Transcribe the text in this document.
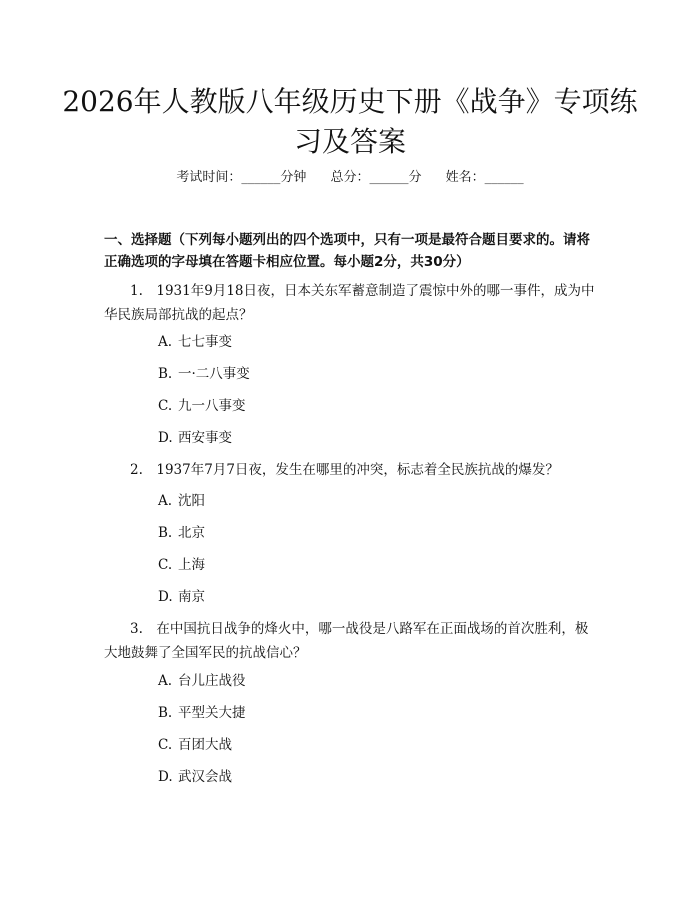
2026年人教版八年级历史下册《战争》专项练习及答案
考试时间：______分钟 总分：______分 姓名：______

一、选择题（下列每小题列出的四个选项中，只有一项是最符合题目要求的。请将正确选项的字母填在答题卡相应位置。每小题2分，共30分）

1.　1931年9月18日夜，日本关东军蓄意制造了震惊中外的哪一事件，成为中华民族局部抗战的起点？

A. 七七事变

B. 一·二八事变

C. 九一八事变

D. 西安事变

2.　1937年7月7日夜，发生在哪里的冲突，标志着全民族抗战的爆发？

A. 沈阳

B. 北京

C. 上海

D. 南京

3.　在中国抗日战争的烽火中，哪一战役是八路军在正面战场的首次胜利，极大地鼓舞了全国军民的抗战信心？

A. 台儿庄战役

B. 平型关大捷

C. 百团大战

D. 武汉会战
